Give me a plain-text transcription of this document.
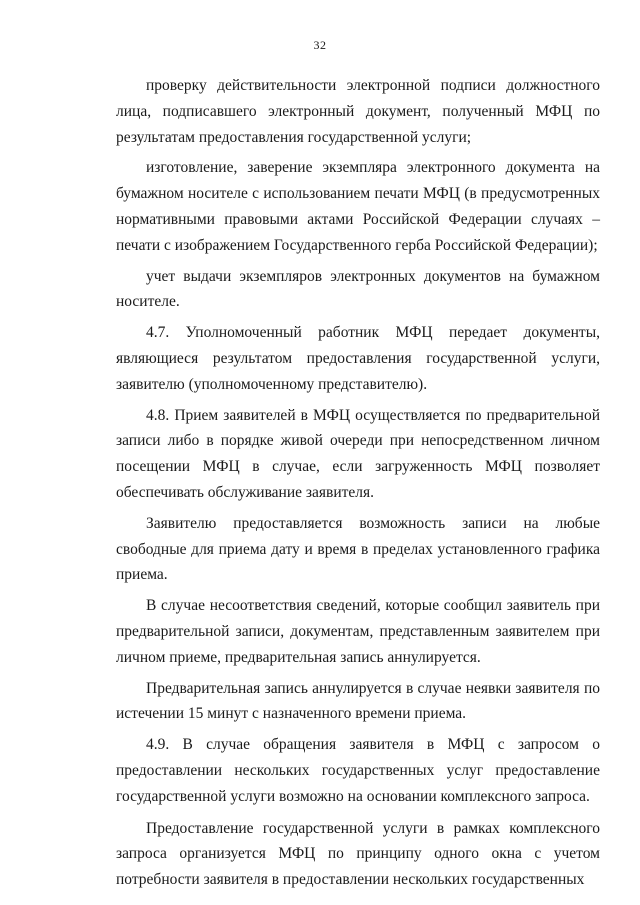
32

проверку действительности электронной подписи должностного лица, подписавшего электронный документ, полученный МФЦ по результатам предоставления государственной услуги;

изготовление, заверение экземпляра электронного документа на бумажном носителе с использованием печати МФЦ (в предусмотренных нормативными правовыми актами Российской Федерации случаях – печати с изображением Государственного герба Российской Федерации);

учет выдачи экземпляров электронных документов на бумажном носителе.

4.7. Уполномоченный работник МФЦ передает документы, являющиеся результатом предоставления государственной услуги, заявителю (уполномоченному представителю).

4.8. Прием заявителей в МФЦ осуществляется по предварительной записи либо в порядке живой очереди при непосредственном личном посещении МФЦ в случае, если загруженность МФЦ позволяет обеспечивать обслуживание заявителя.

Заявителю предоставляется возможность записи на любые свободные для приема дату и время в пределах установленного графика приема.

В случае несоответствия сведений, которые сообщил заявитель при предварительной записи, документам, представленным заявителем при личном приеме, предварительная запись аннулируется.

Предварительная запись аннулируется в случае неявки заявителя по истечении 15 минут с назначенного времени приема.

4.9. В случае обращения заявителя в МФЦ с запросом о предоставлении нескольких государственных услуг предоставление государственной услуги возможно на основании комплексного запроса.

Предоставление государственной услуги в рамках комплексного запроса организуется МФЦ по принципу одного окна с учетом потребности заявителя в предоставлении нескольких государственных
